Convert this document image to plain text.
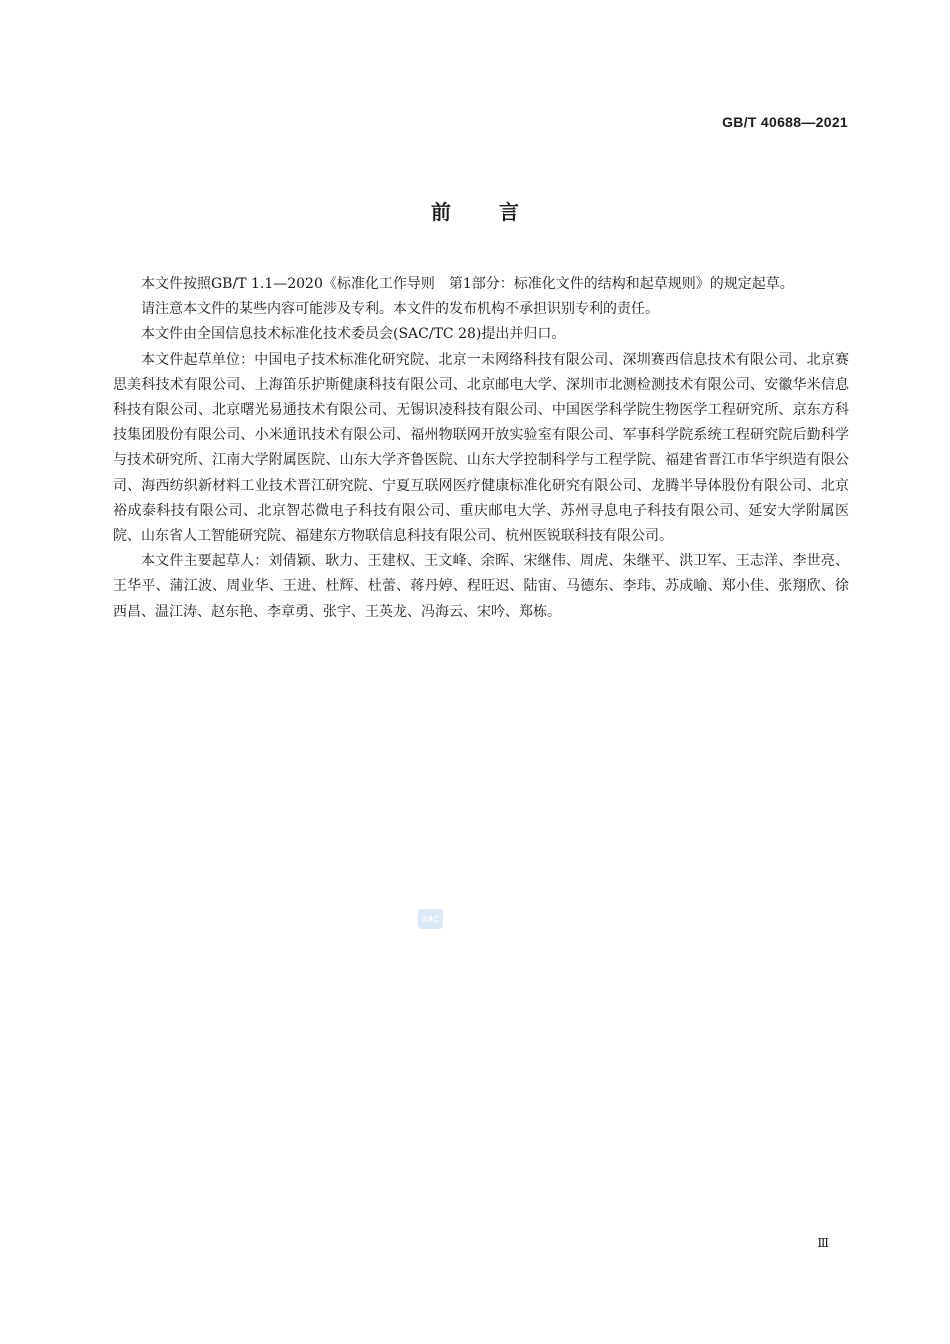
GB/T 40688—2021

前言

本文件按照GB/T 1.1—2020《标准化工作导则　第1部分：标准化文件的结构和起草规则》的规定起草。

请注意本文件的某些内容可能涉及专利。本文件的发布机构不承担识别专利的责任。

本文件由全国信息技术标准化技术委员会(SAC/TC 28)提出并归口。

本文件起草单位：中国电子技术标准化研究院、北京一未网络科技有限公司、深圳赛西信息技术有限公司、北京赛思美科技术有限公司、上海笛乐护斯健康科技有限公司、北京邮电大学、深圳市北测检测技术有限公司、安徽华米信息科技有限公司、北京曙光易通技术有限公司、无锡识凌科技有限公司、中国医学科学院生物医学工程研究所、京东方科技集团股份有限公司、小米通讯技术有限公司、福州物联网开放实验室有限公司、军事科学院系统工程研究院后勤科学与技术研究所、江南大学附属医院、山东大学齐鲁医院、山东大学控制科学与工程学院、福建省晋江市华宇织造有限公司、海西纺织新材料工业技术晋江研究院、宁夏互联网医疗健康标准化研究有限公司、龙腾半导体股份有限公司、北京裕成泰科技有限公司、北京智芯微电子科技有限公司、重庆邮电大学、苏州寻息电子科技有限公司、延安大学附属医院、山东省人工智能研究院、福建东方物联信息科技有限公司、杭州医锐联科技有限公司。

本文件主要起草人：刘倩颖、耿力、王建权、王文峰、余晖、宋继伟、周虎、朱继平、洪卫军、王志洋、李世亮、王华平、蒲江波、周业华、王进、杜辉、杜蕾、蒋丹婷、程旺迟、陆宙、马德东、李玮、苏成喻、郑小佳、张翔欣、徐西昌、温江涛、赵东艳、李章勇、张宇、王英龙、冯海云、宋吟、郑栋。

SAC

Ⅲ
